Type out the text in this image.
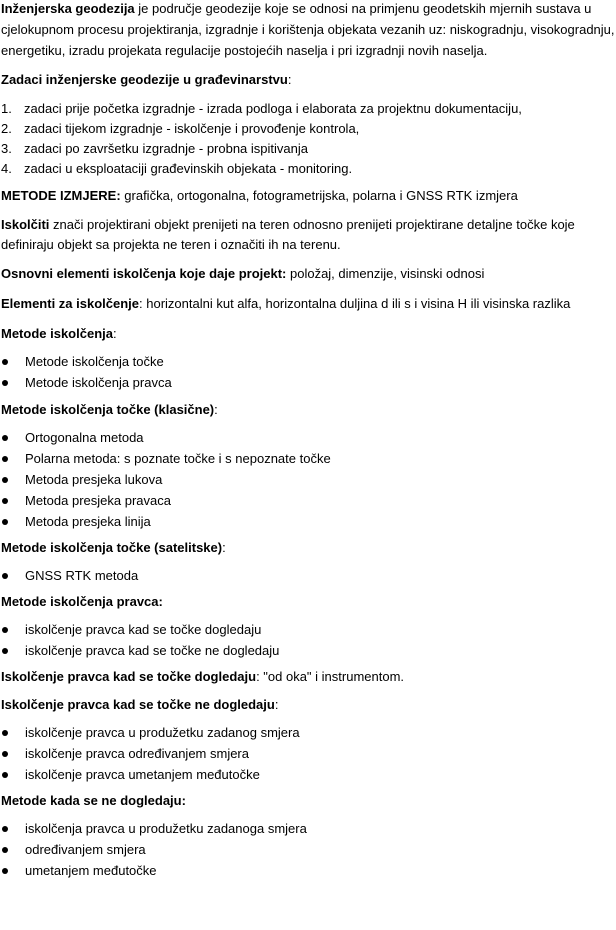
Inženjerska geodezija je područje geodezije koje se odnosi na primjenu geodetskih mjernih sustava u cjelokupnom procesu projektiranja, izgradnje i korištenja objekata vezanih uz: niskogradnju, visokogradnju, energetiku, izradu projekata regulacije postojećih naselja i pri izgradnji novih naselja.

Zadaci inženjerske geodezije u građevinarstvu:

1. zadaci prije početka izgradnje - izrada podloga i elaborata za projektnu dokumentaciju,
2. zadaci tijekom izgradnje - iskolčenje i provođenje kontrola,
3. zadaci po završetku izgradnje - probna ispitivanja
4. zadaci u eksploataciji građevinskih objekata - monitoring.

METODE IZMJERE: grafička, ortogonalna, fotogrametrijska, polarna i GNSS RTK izmjera

Iskolčiti znači projektirani objekt prenijeti na teren odnosno prenijeti projektirane detaljne točke koje definiraju objekt sa projekta ne teren i označiti ih na terenu.

Osnovni elementi iskolčenja koje daje projekt: položaj, dimenzije, visinski odnosi

Elementi za iskolčenje: horizontalni kut alfa, horizontalna duljina d ili s i visina H ili visinska razlika

Metode iskolčenja:

Metode iskolčenja točke
Metode iskolčenja pravca

Metode iskolčenja točke (klasične):

Ortogonalna metoda
Polarna metoda: s poznate točke i s nepoznate točke
Metoda presjeka lukova
Metoda presjeka pravaca
Metoda presjeka linija

Metode iskolčenja točke (satelitske):

GNSS RTK metoda

Metode iskolčenja pravca:

iskolčenje pravca kad se točke dogledaju
iskolčenje pravca kad se točke ne dogledaju

Iskolčenje pravca kad se točke dogledaju: "od oka" i instrumentom.

Iskolčenje pravca kad se točke ne dogledaju:

iskolčenje pravca u produžetku zadanog smjera
iskolčenje pravca određivanjem smjera
iskolčenje pravca umetanjem međutočke

Metode kada se ne dogledaju:

iskolčenja pravca u produžetku zadanoga smjera
određivanjem smjera
umetanjem međutočke
